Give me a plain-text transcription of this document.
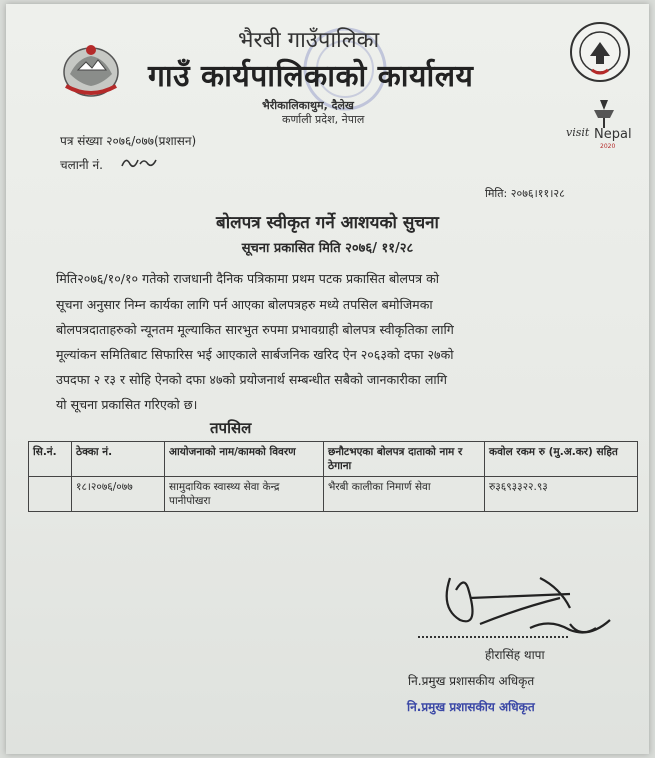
भैरबी गाउँपालिका
गाउँ कार्यपालिकाको कार्यालय
भैरीकालिकाथुम, दैलेख
कर्णाली प्रदेश, नेपाल
visit Nepal
2020
पत्र संख्या २०७६/०७७(प्रशासन)
चलानी नं.
मिति: २०७६।११।२८
बोलपत्र स्वीकृत गर्ने आशयको सुचना
सूचना प्रकासित मिति २०७६/ ११/२८
मिति२०७६/१०/१० गतेको राजधानी दैनिक पत्रिकामा प्रथम पटक प्रकासित बोलपत्र को
सूचना अनुसार निम्न कार्यका लागि पर्न आएका बोलपत्रहरु मध्ये तपसिल बमोजिमका
बोलपत्रदाताहरुको न्यूनतम मूल्याकित सारभुत रुपमा प्रभावग्राही बोलपत्र स्वीकृतिका लागि
मूल्यांकन समितिबाट सिफारिस भई आएकाले सार्बजनिक खरिद ऐन २०६३को दफा २७को
उपदफा २ र३ र सोहि ऐनको दफा ४७को प्रयोजनार्थ सम्बन्धीत सबैको जानकारीका लागि
यो सूचना प्रकासित गरिएको छ।
तपसिल
सि.नं.	ठेक्का नं.	आयोजनाको नाम/कामको विवरण	छनौटभएका बोलपत्र दाताको नाम र ठेगाना	कवोल रकम रु (मु.अ.कर) सहित
	१८।२०७६/०७७	सामुदायिक स्वास्थ्य सेवा केन्द्र पानीपोखरा	भैरबी कालीका निमार्ण सेवा	रु३६९३३२२.९३
हीरासिंह थापा
नि.प्रमुख प्रशासकीय अधिकृत
नि.प्रमुख प्रशासकीय अधिकृत
